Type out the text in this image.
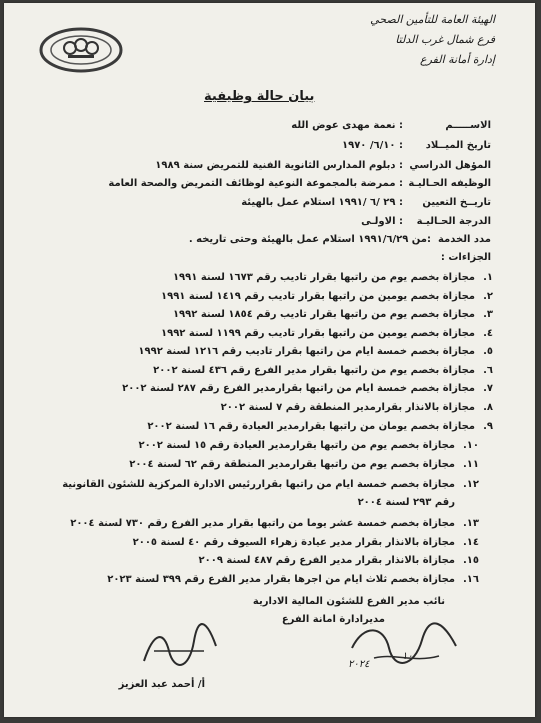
الهيئة العامة للتأمين الصحي
فرع شمال غرب الدلتا
إدارة أمانة الفرع
بيان حالة وظيفية
الاســـــم
: نعمة مهدى عوض الله
تاريخ الميــلاد
: ٦/١٠/ ١٩٧٠
المؤهل الدراسي
: دبلوم المدارس الثانوية الفنية للتمريض سنة ١٩٨٩
الوظيفه الحـاليـة
: ممرضة بالمجموعة النوعية لوظائف التمريض والصحة العامة
تاريــخ التعيين
: ٢٩ /٦ /١٩٩١ استلام عمل بالهيئة
الدرجة الحـاليـة
: الاولـى
مدد الخدمة
:من ١٩٩١/٦/٢٩ استلام عمل بالهيئة وحتى تاريخه .
الجزاءات :
١.
مجازاة بخصم يوم من راتبها بقرار تاديب رقم ١٦٧٣ لسنة ١٩٩١
٢.
مجازاة بخصم يومين من راتبها بقرار تاديب رقم ١٤١٩ لسنة ١٩٩١
٣.
مجازاة بخصم يوم من راتبها بقرار تاديب رقم ١٨٥٤ لسنة ١٩٩٢
٤.
مجازاة بخصم يومين من راتبها بقرار تاديب رقم ١١٩٩ لسنة ١٩٩٢
٥.
مجازاة بخصم خمسة ايام من راتبها بقرار تاديب رقم ١٢١٦ لسنة ١٩٩٢
٦.
مجازاة بخصم يوم من راتبها بقرار مدير الفرع رقم ٤٣٦ لسنة ٢٠٠٢
٧.
مجازاة بخصم خمسة ايام من راتبها بقرارمدير الفرع رقم ٢٨٧ لسنة ٢٠٠٢
٨.
مجازاة بالانذار بقرارمدير المنطقة رقم ٧ لسنة ٢٠٠٢
٩.
مجازاة بخصم يومان من راتبها بقرارمدير العيادة رقم ١٦ لسنة ٢٠٠٢
١٠.
مجازاة بخصم يوم من راتبها بقرارمدير العيادة رقم ١٥ لسنة ٢٠٠٢
١١.
مجازاة بخصم يوم من راتبها بقرارمدير المنطقة رقم ٦٢ لسنة ٢٠٠٤
١٢.
مجازاة بخصم خمسة ايام من راتبها بقراررئيس الادارة المركزية للشئون القانونية
رقم ٢٩٣ لسنة ٢٠٠٤
١٣.
مجازاة بخصم خمسة عشر يوما من راتبها بقرار مدير الفرع رقم ٧٣٠ لسنة ٢٠٠٤
١٤.
مجازاة بالانذار بقرار مدير عيادة زهراء السيوف رقم ٤٠ لسنة ٢٠٠٥
١٥.
مجازاة بالانذار بقرار مدير الفرع رقم ٤٨٧ لسنة ٢٠٠٩
١٦.
مجازاة بخصم ثلاث ايام من اجرها بقرار مدير الفرع رقم ٣٩٩ لسنة ٢٠٢٣
نائب مدير الفرع للشئون المالية الادارية
مديرادارة امانة الفرع
أ/ أحمد عبد العزيز
٢٠٢٤
١٠
